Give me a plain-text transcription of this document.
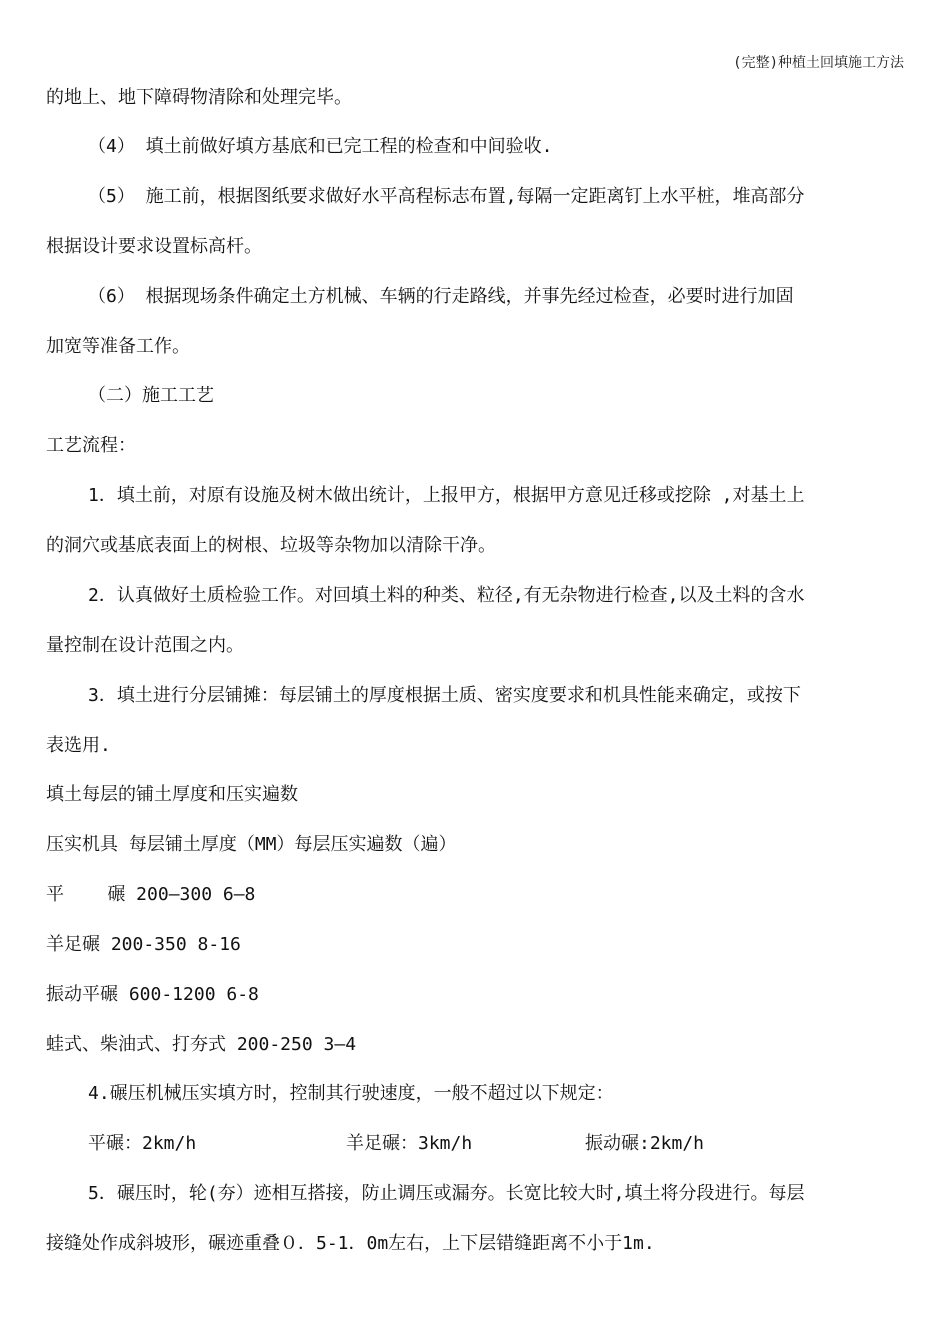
(完整)种植土回填施工方法
的地上、地下障碍物清除和处理完毕。
（4） 填土前做好填方基底和已完工程的检查和中间验收.
（5） 施工前，根据图纸要求做好水平高程标志布置,每隔一定距离钉上水平桩，堆高部分
根据设计要求设置标高杆。
（6） 根据现场条件确定土方机械、车辆的行走路线，并事先经过检查，必要时进行加固
加宽等准备工作。
（二）施工工艺
工艺流程：
1．填土前，对原有设施及树木做出统计，上报甲方，根据甲方意见迁移或挖除 ,对基土上
的洞穴或基底表面上的树根、垃圾等杂物加以清除干净。
2．认真做好土质检验工作。对回填土料的种类、粒径,有无杂物进行检查,以及土料的含水
量控制在设计范围之内。
3．填土进行分层铺摊：每层铺土的厚度根据土质、密实度要求和机具性能来确定，或按下
表选用.
填土每层的铺土厚度和压实遍数
压实机具 每层铺土厚度（MM）每层压实遍数（遍）
平    碾 200—300 6—8
羊足碾 200-350 8-16
振动平碾 600-1200 6-8
蛙式、柴油式、打夯式 200-250 3—4
4.碾压机械压实填方时，控制其行驶速度，一般不超过以下规定：
平碾：2km/h	羊足碾：3km/h	振动碾:2km/h
5．碾压时，轮(夯）迹相互搭接，防止调压或漏夯。长宽比较大时,填土将分段进行。每层
接缝处作成斜坡形，碾迹重叠０．5-1．0m左右，上下层错缝距离不小于1m.
